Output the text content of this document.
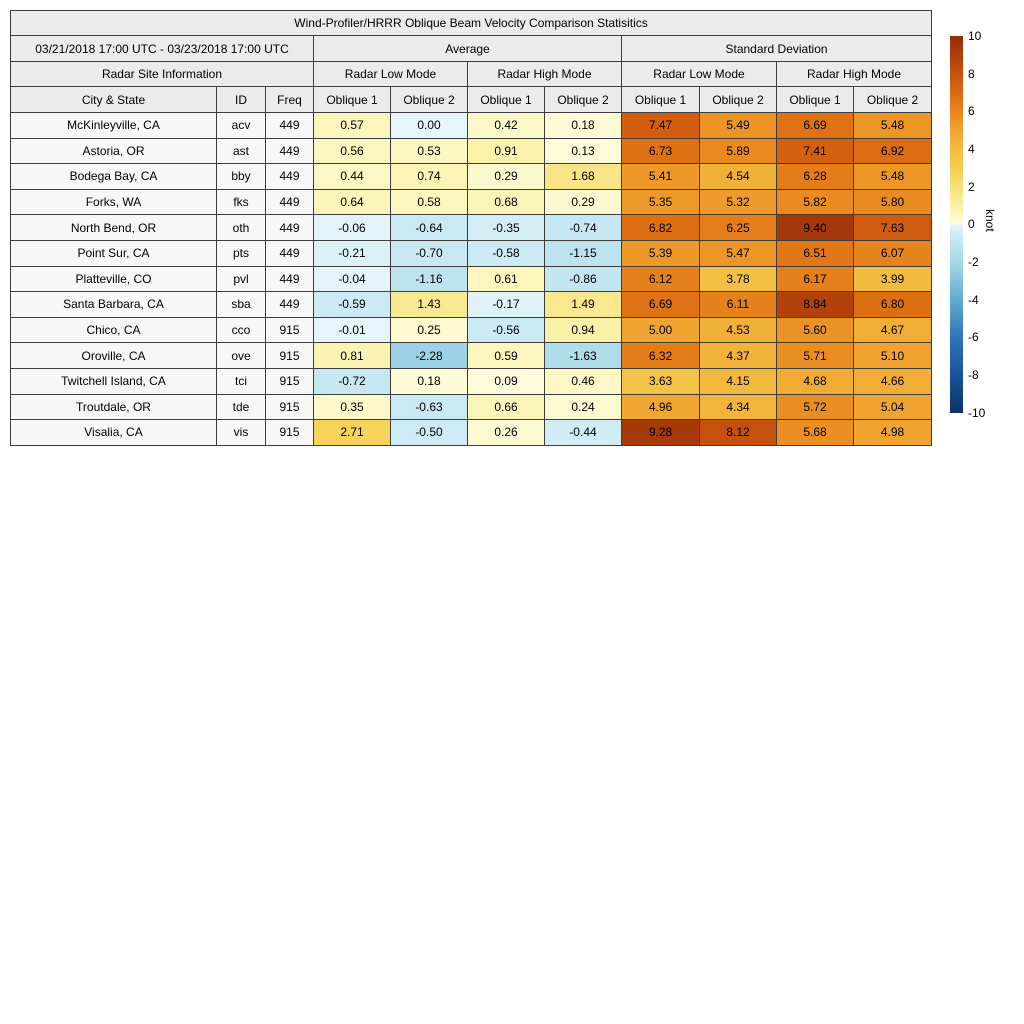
Wind-Profiler/HRRR Oblique Beam Velocity Comparison Statisitics										
03/21/2018 17:00 UTC - 03/23/2018 17:00 UTC			Average				Standard Deviation			
Radar Site Information			Radar Low Mode		Radar High Mode		Radar Low Mode		Radar High Mode	
City & State	ID	Freq	Oblique 1	Oblique 2	Oblique 1	Oblique 2	Oblique 1	Oblique 2	Oblique 1	Oblique 2
McKinleyville, CA	acv	449	0.57	0.00	0.42	0.18	7.47	5.49	6.69	5.48
Astoria, OR	ast	449	0.56	0.53	0.91	0.13	6.73	5.89	7.41	6.92
Bodega Bay, CA	bby	449	0.44	0.74	0.29	1.68	5.41	4.54	6.28	5.48
Forks, WA	fks	449	0.64	0.58	0.68	0.29	5.35	5.32	5.82	5.80
North Bend, OR	oth	449	-0.06	-0.64	-0.35	-0.74	6.82	6.25	9.40	7.63
Point Sur, CA	pts	449	-0.21	-0.70	-0.58	-1.15	5.39	5.47	6.51	6.07
Platteville, CO	pvl	449	-0.04	-1.16	0.61	-0.86	6.12	3.78	6.17	3.99
Santa Barbara, CA	sba	449	-0.59	1.43	-0.17	1.49	6.69	6.11	8.84	6.80
Chico, CA	cco	915	-0.01	0.25	-0.56	0.94	5.00	4.53	5.60	4.67
Oroville, CA	ove	915	0.81	-2.28	0.59	-1.63	6.32	4.37	5.71	5.10
Twitchell Island, CA	tci	915	-0.72	0.18	0.09	0.46	3.63	4.15	4.68	4.66
Troutdale, OR	tde	915	0.35	-0.63	0.66	0.24	4.96	4.34	5.72	5.04
Visalia, CA	vis	915	2.71	-0.50	0.26	-0.44	9.28	8.12	5.68	4.98
10
8
6
4
2
0
-2
-4
-6
-8
-10
knot
